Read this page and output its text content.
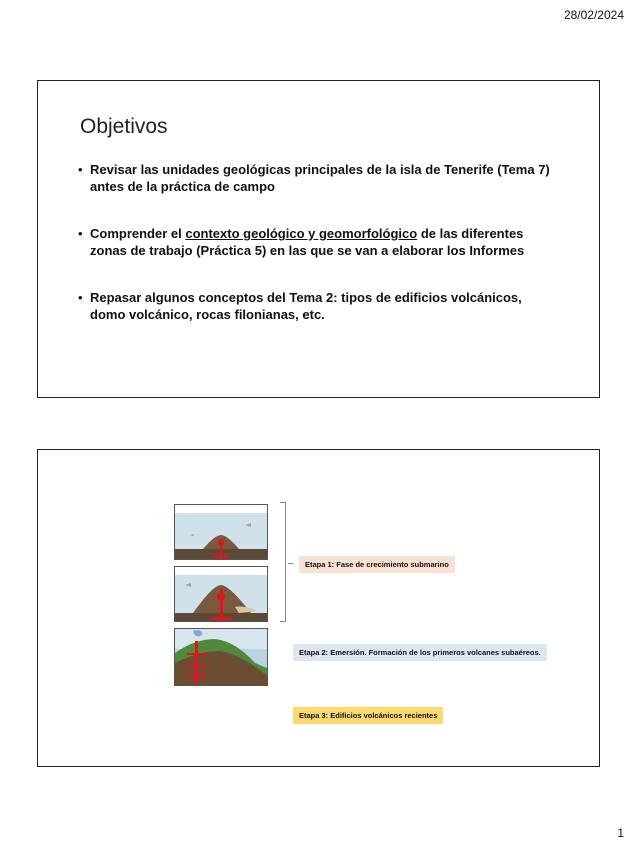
28/02/2024
Objetivos
• Revisar las unidades geológicas principales de la isla de Tenerife (Tema 7) antes de la práctica de campo
• Comprender el contexto geológico y geomorfológico de las diferentes zonas de trabajo (Práctica 5) en las que se van a elaborar los Informes
• Repasar algunos conceptos del Tema 2: tipos de edificios volcánicos, domo volcánico, rocas filonianas, etc.
Etapa 1: Fase de crecimiento submarino
Etapa 2: Emersión. Formación de los primeros volcanes subaéreos.
Etapa 3: Edificios volcánicos recientes
1
